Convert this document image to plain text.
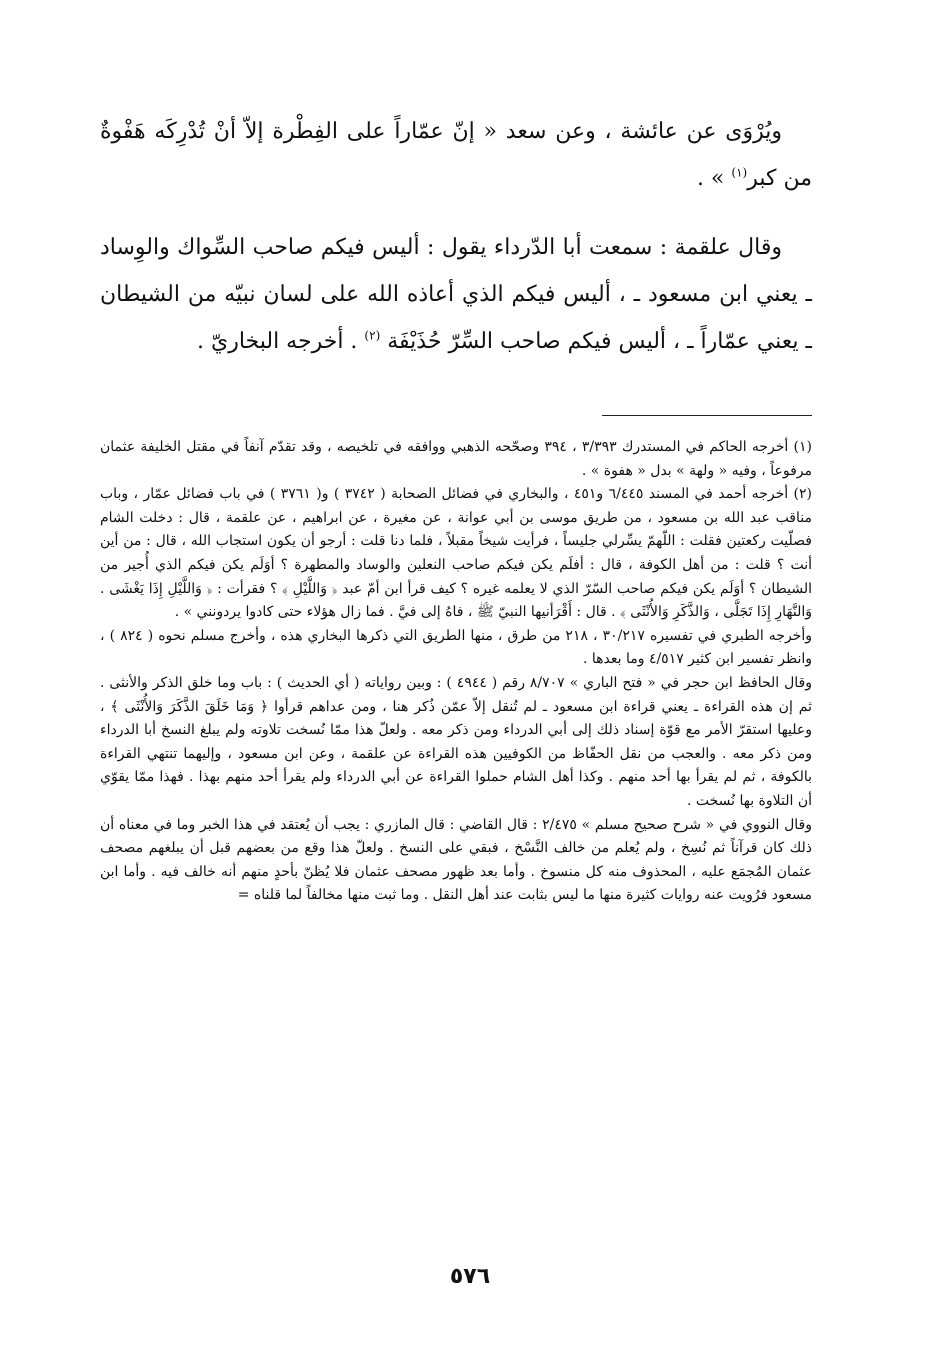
ويُرْوَى عن عائشة ، وعن سعد « إنّ عمّاراً على الفِطْرة إلاّ أنْ تُدْرِكَه هَفْوةٌ من كبر$^{(١)}$ » .

وقال علقمة : سمعت أبا الدّرداء يقول : أليس فيكم صاحب السِّواك والوِساد ـ يعني ابن مسعود ـ ، أليس فيكم الذي أعاذه الله على لسان نبيّه من الشيطان ـ يعني عمّاراً ـ ، أليس فيكم صاحب السِّرّ حُذَيْفَة $^{(٢)}$ . أخرجه البخاريّ .

(١) أخرجه الحاكم في المستدرك ٣/٣٩٣ ، ٣٩٤ وصحّحه الذهبي ووافقه في تلخيصه ، وقد تقدّم آنفاً في مقتل الخليفة عثمان مرفوعاً ، وفيه « ولهة » بدل « هفوة » .

(٢) أخرجه أحمد في المسند ٦/٤٤٥ و٤٥١ ، والبخاري في فضائل الصحابة ( ٣٧٤٢ ) و( ٣٧٦١ ) في باب فضائل عمّار ، وباب مناقب عبد الله بن مسعود ، من طريق موسى بن أبي عوانة ، عن مغيرة ، عن ابراهيم ، عن علقمة ، قال : دخلت الشام فصلّيت ركعتين فقلت : اللّهمّ يسِّرلي جليساً ، فرأيت شيخاً مقبلاً ، فلما دنا قلت : أرجو أن يكون استجاب الله ، قال : من أين أنت ؟ قلت : من أهل الكوفة ، قال : أفلَم يكن فيكم صاحب النعلين والوساد والمطهرة ؟ أوَلَم يكن فيكم الذي أُجير من الشيطان ؟ أوَلَم يكن فيكم صاحب السّرّ الذي لا يعلمه غيره ؟ كيف قرأ ابن أمّ عبد ﴿ وَاللَّيْلِ ﴾ ؟ فقرأت : ﴿ وَاللَّيْلِ إِذَا يَغْشَى . وَالنَّهَارِ إِذَا تَجَلَّى ، وَالذَّكَرِ وَالأُنْثَى ﴾ . قال : أَقْرَأنيها النبيّ ﷺ ، فاهُ إلى فيَّ . فما زال هؤلاء حتى كادوا يردونني » .

وأخرجه الطبري في تفسيره ٣٠/٢١٧ ، ٢١٨ من طرق ، منها الطريق التي ذكرها البخاري هذه ، وأخرج مسلم نحوه ( ٨٢٤ ) ، وانظر تفسير ابن كثير ٤/٥١٧ وما بعدها .

وقال الحافظ ابن حجر في « فتح الباري » ٨/٧٠٧ رقم ( ٤٩٤٤ ) : وبين رواياته ( أي الحديث ) : باب وما خلق الذكر والأنثى . ثم إن هذه القراءة ـ يعني قراءة ابن مسعود ـ لم تُنقل إلاّ عمّن ذُكر هنا ، ومن عداهم قرأوا ﴿ وَمَا خَلَقَ الذَّكَرَ وَالأُنْثَى ﴾ ، وعليها استقرّ الأمر مع قوّة إسناد ذلك إلى أبي الدرداء ومن ذكر معه . ولعلّ هذا ممّا نُسخت تلاوته ولم يبلغ النسخ أبا الدرداء ومن ذكر معه . والعجب من نقل الحفّاظ من الكوفيين هذه القراءة عن علقمة ، وعن ابن مسعود ، وإليهما تنتهي القراءة بالكوفة ، ثم لم يقرأ بها أحد منهم . وكذا أهل الشام حملوا القراءة عن أبي الدرداء ولم يقرأ أحد منهم بهذا . فهذا ممّا يقوّي أن التلاوة بها نُسخت .

وقال النووي في « شرح صحيح مسلم » ٢/٤٧٥ : قال القاضي : قال المازري : يجب أن يُعتقد في هذا الخبر وما في معناه أن ذلك كان قرآناً ثم نُسِخ ، ولم يُعلم من خالف النَّسْخ ، فبقي على النسخ . ولعلّ هذا وقع من بعضهم قبل أن يبلغهم مصحف عثمان المُجمَع عليه ، المحذوف منه كل منسوخ . وأما بعد ظهور مصحف عثمان فلا يُظنّ بأحدٍ منهم أنه خالف فيه . وأما ابن مسعود فرُويت عنه روايات كثيرة منها ما ليس بثابت عند أهل النقل . وما ثبت منها مخالفاً لما قلناه =

٥٧٦
